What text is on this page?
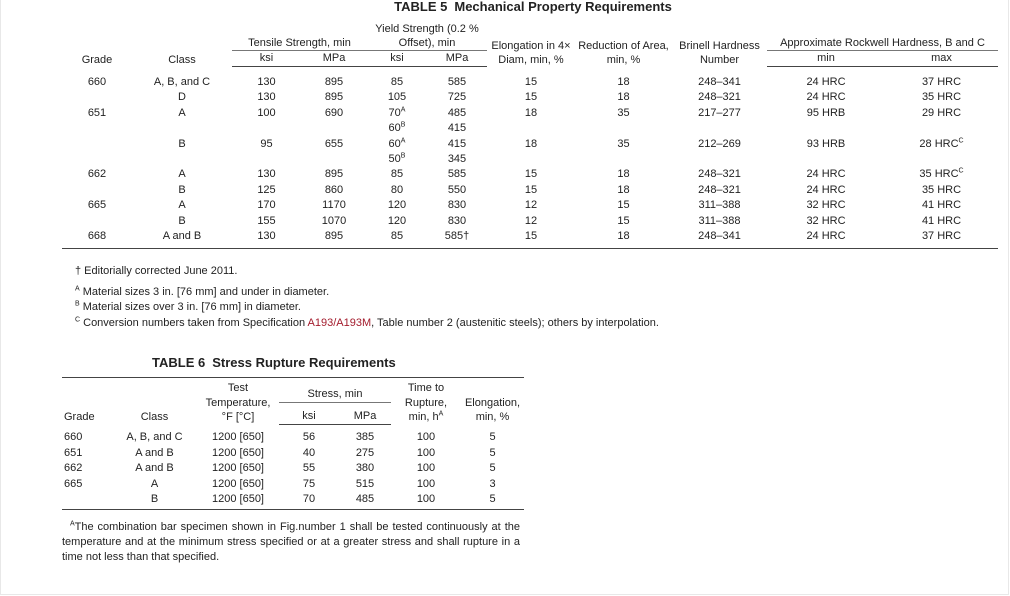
TABLE 5 Mechanical Property Requirements
Grade	Class	Tensile Strength, min		Yield Strength (0.2 % Offset), min		Elongation in 4× Diam, min, %	Reduction of Area, min, %	Brinell Hardness Number	Approximate Rockwell Hardness, B and C	
		ksi	MPa	ksi	MPa				min	max
660	A, B, and C	130	895	85	585	15	18	248–341	24 HRC	37 HRC
	D	130	895	105	725	15	18	248–321	24 HRC	35 HRC
651	A	100	690	$70^A$	485	18	35	217–277	95 HRB	29 HRC
				$60^B$	415					
	B	95	655	$60^A$	415	18	35	212–269	93 HRB	28 $HRC^C$
				$50^B$	345					
662	A	130	895	85	585	15	18	248–321	24 HRC	35 $HRC^C$
	B	125	860	80	550	15	18	248–321	24 HRC	35 HRC
665	A	170	1170	120	830	12	15	311–388	32 HRC	41 HRC
	B	155	1070	120	830	12	15	311–388	32 HRC	41 HRC
668	A and B	130	895	85	585†	15	18	248–341	24 HRC	37 HRC
† Editorially corrected June 2011.
$^A$ Material sizes 3 in. [76 mm] and under in diameter.
$^B$ Material sizes over 3 in. [76 mm] in diameter.
$^C$ Conversion numbers taken from Specification A193/A193M, Table number 2 (austenitic steels); others by interpolation.
TABLE 6 Stress Rupture Requirements
Grade	Class	Test Temperature, °F [°C]	Stress, min		Time to Rupture, min, $h^A$	Elongation, min, %
			ksi	MPa		
660	A, B, and C	1200 [650]	56	385	100	5
651	A and B	1200 [650]	40	275	100	5
662	A and B	1200 [650]	55	380	100	5
665	A	1200 [650]	75	515	100	3
	B	1200 [650]	70	485	100	5
$^A$The combination bar specimen shown in Fig.number 1 shall be tested continuously at the temperature and at the minimum stress specified or at a greater stress and shall rupture in a time not less than that specified.
